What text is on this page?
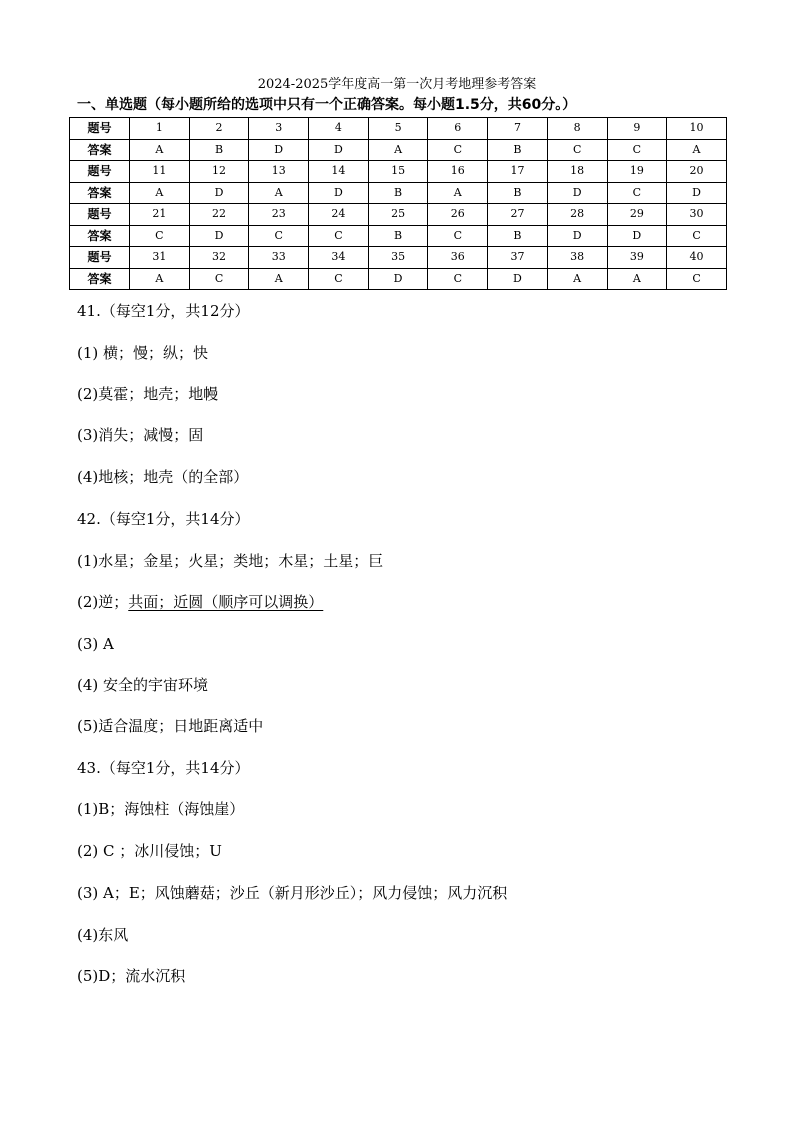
2024-2025学年度高一第一次月考地理参考答案
一、单选题（每小题所给的选项中只有一个正确答案。每小题1.5分，共60分。）
题号	1	2	3	4	5	6	7	8	9	10
答案	A	B	D	D	A	C	B	C	C	A
题号	11	12	13	14	15	16	17	18	19	20
答案	A	D	A	D	B	A	B	D	C	D
题号	21	22	23	24	25	26	27	28	29	30
答案	C	D	C	C	B	C	B	D	D	C
题号	31	32	33	34	35	36	37	38	39	40
答案	A	C	A	C	D	C	D	A	A	C
41.（每空1分，共12分）
(1) 横；慢；纵；快
(2)莫霍；地壳；地幔
(3)消失；减慢；固
(4)地核；地壳（的全部）
42.（每空1分，共14分）
(1)水星；金星；火星；类地；木星；土星；巨
(2)逆；共面；近圆（顺序可以调换）
(3) A
(4) 安全的宇宙环境
(5)适合温度；日地距离适中
43.（每空1分，共14分）
(1)B；海蚀柱（海蚀崖）
(2) C ；冰川侵蚀；U
(3) A；E；风蚀蘑菇；沙丘（新月形沙丘）；风力侵蚀；风力沉积
(4)东风
(5)D；流水沉积
